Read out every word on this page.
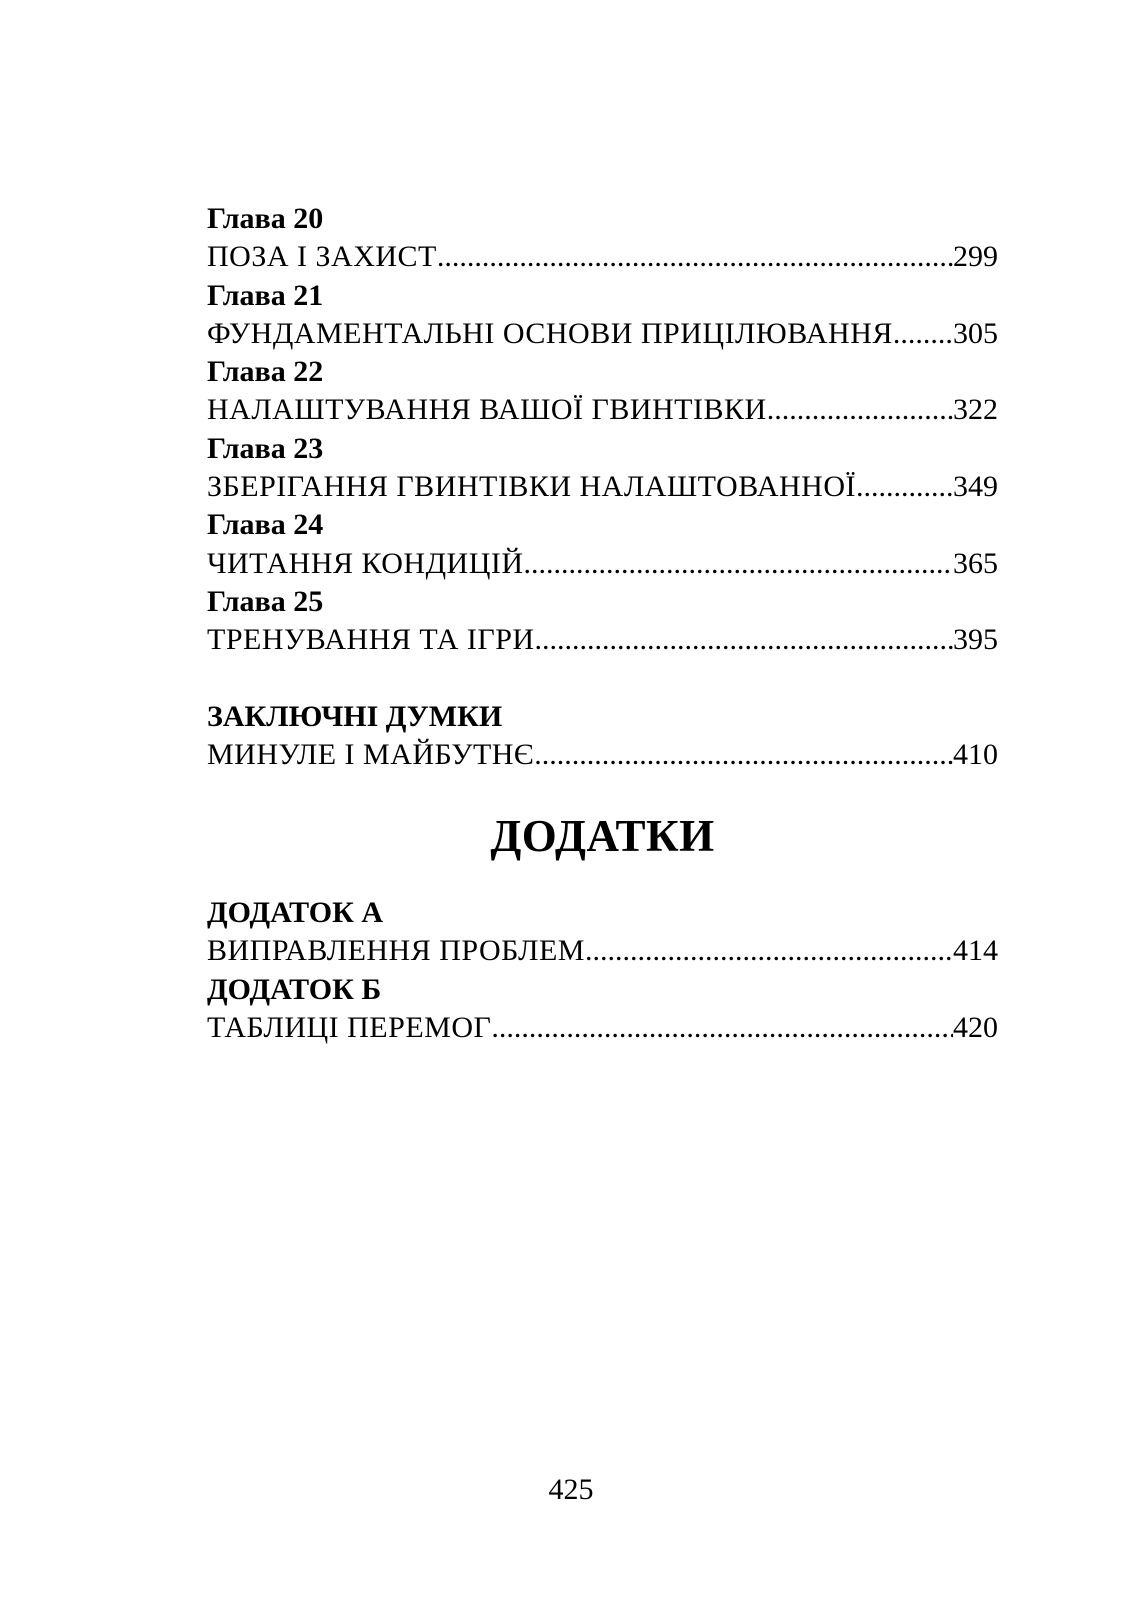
Глава 20
ПОЗА І ЗАХИСТ .....	299
Глава 21
ФУНДАМЕНТАЛЬНІ ОСНОВИ ПРИЦІЛЮВАННЯ ..... 305
Глава 22
НАЛАШТУВАННЯ ВАШОЇ ГВИНТІВКИ .....	322
Глава 23
ЗБЕРІГАННЯ ГВИНТІВКИ НАЛАШТОВАННОЇ .....	349
Глава 24
ЧИТАННЯ КОНДИЦІЙ .....	365
Глава 25
ТРЕНУВАННЯ ТА ІГРИ .....	395
ЗАКЛЮЧНІ ДУМКИ
МИНУЛЕ І МАЙБУТНЄ .....	410
ДОДАТКИ
ДОДАТОК А
ВИПРАВЛЕННЯ ПРОБЛЕМ .....	414
ДОДАТОК Б
ТАБЛИЦІ ПЕРЕМОГ .....	420
425
